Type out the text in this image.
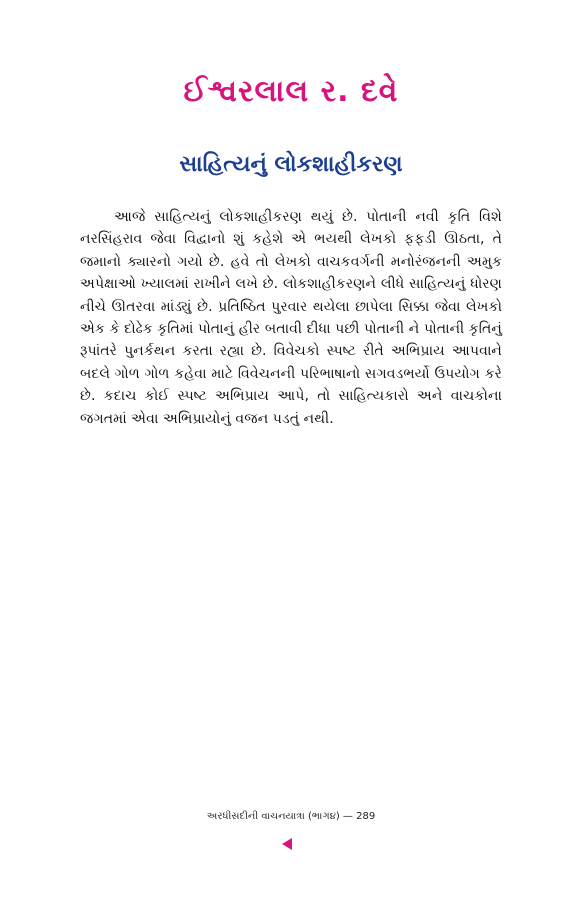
ઈશ્વરલાલ ર. દવે
સાહિત્યનું લોકશાહીકરણ

આજે સાહિત્યનું લોકશાહીકરણ થયું છે. પોતાની નવી કૃતિ વિશે નરસિંહરાવ જેવા વિદ્વાનો શું કહેશે એ ભયથી લેખકો ફફડી ઊઠતા, તે જમાનો ક્યારનો ગયો છે. હવે તો લેખકો વાચકવર્ગની મનોરંજનની અમુક અપેક્ષાઓ ખ્યાલમાં રાખીને લખે છે. લોકશાહીકરણને લીધે સાહિત્યનું ધોરણ નીચે ઊતરવા માંડ્યું છે. પ્રતિષ્ઠિત પુરવાર થયેલા છાપેલા સિક્કા જેવા લેખકો એક કે દોઢેક કૃતિમાં પોતાનું હીર બતાવી દીધા પછી પોતાની ને પોતાની કૃતિનું રૂપાંતરે પુનર્કથન કરતા રહ્યા છે. વિવેચકો સ્પષ્ટ રીતે અભિપ્રાય આપવાને બદલે ગોળ ગોળ કહેવા માટે વિવેચનની પરિભાષાનો સગવડભર્યો ઉપયોગ કરે છે. કદાચ કોઈ સ્પષ્ટ અભિપ્રાય આપે, તો સાહિત્યકારો અને વાચકોના જગતમાં એવા અભિપ્રાયોનું વજન પડતું નથી.

અરધીસદીની વાચનયાત્રા (ભાગ૪) — 289
